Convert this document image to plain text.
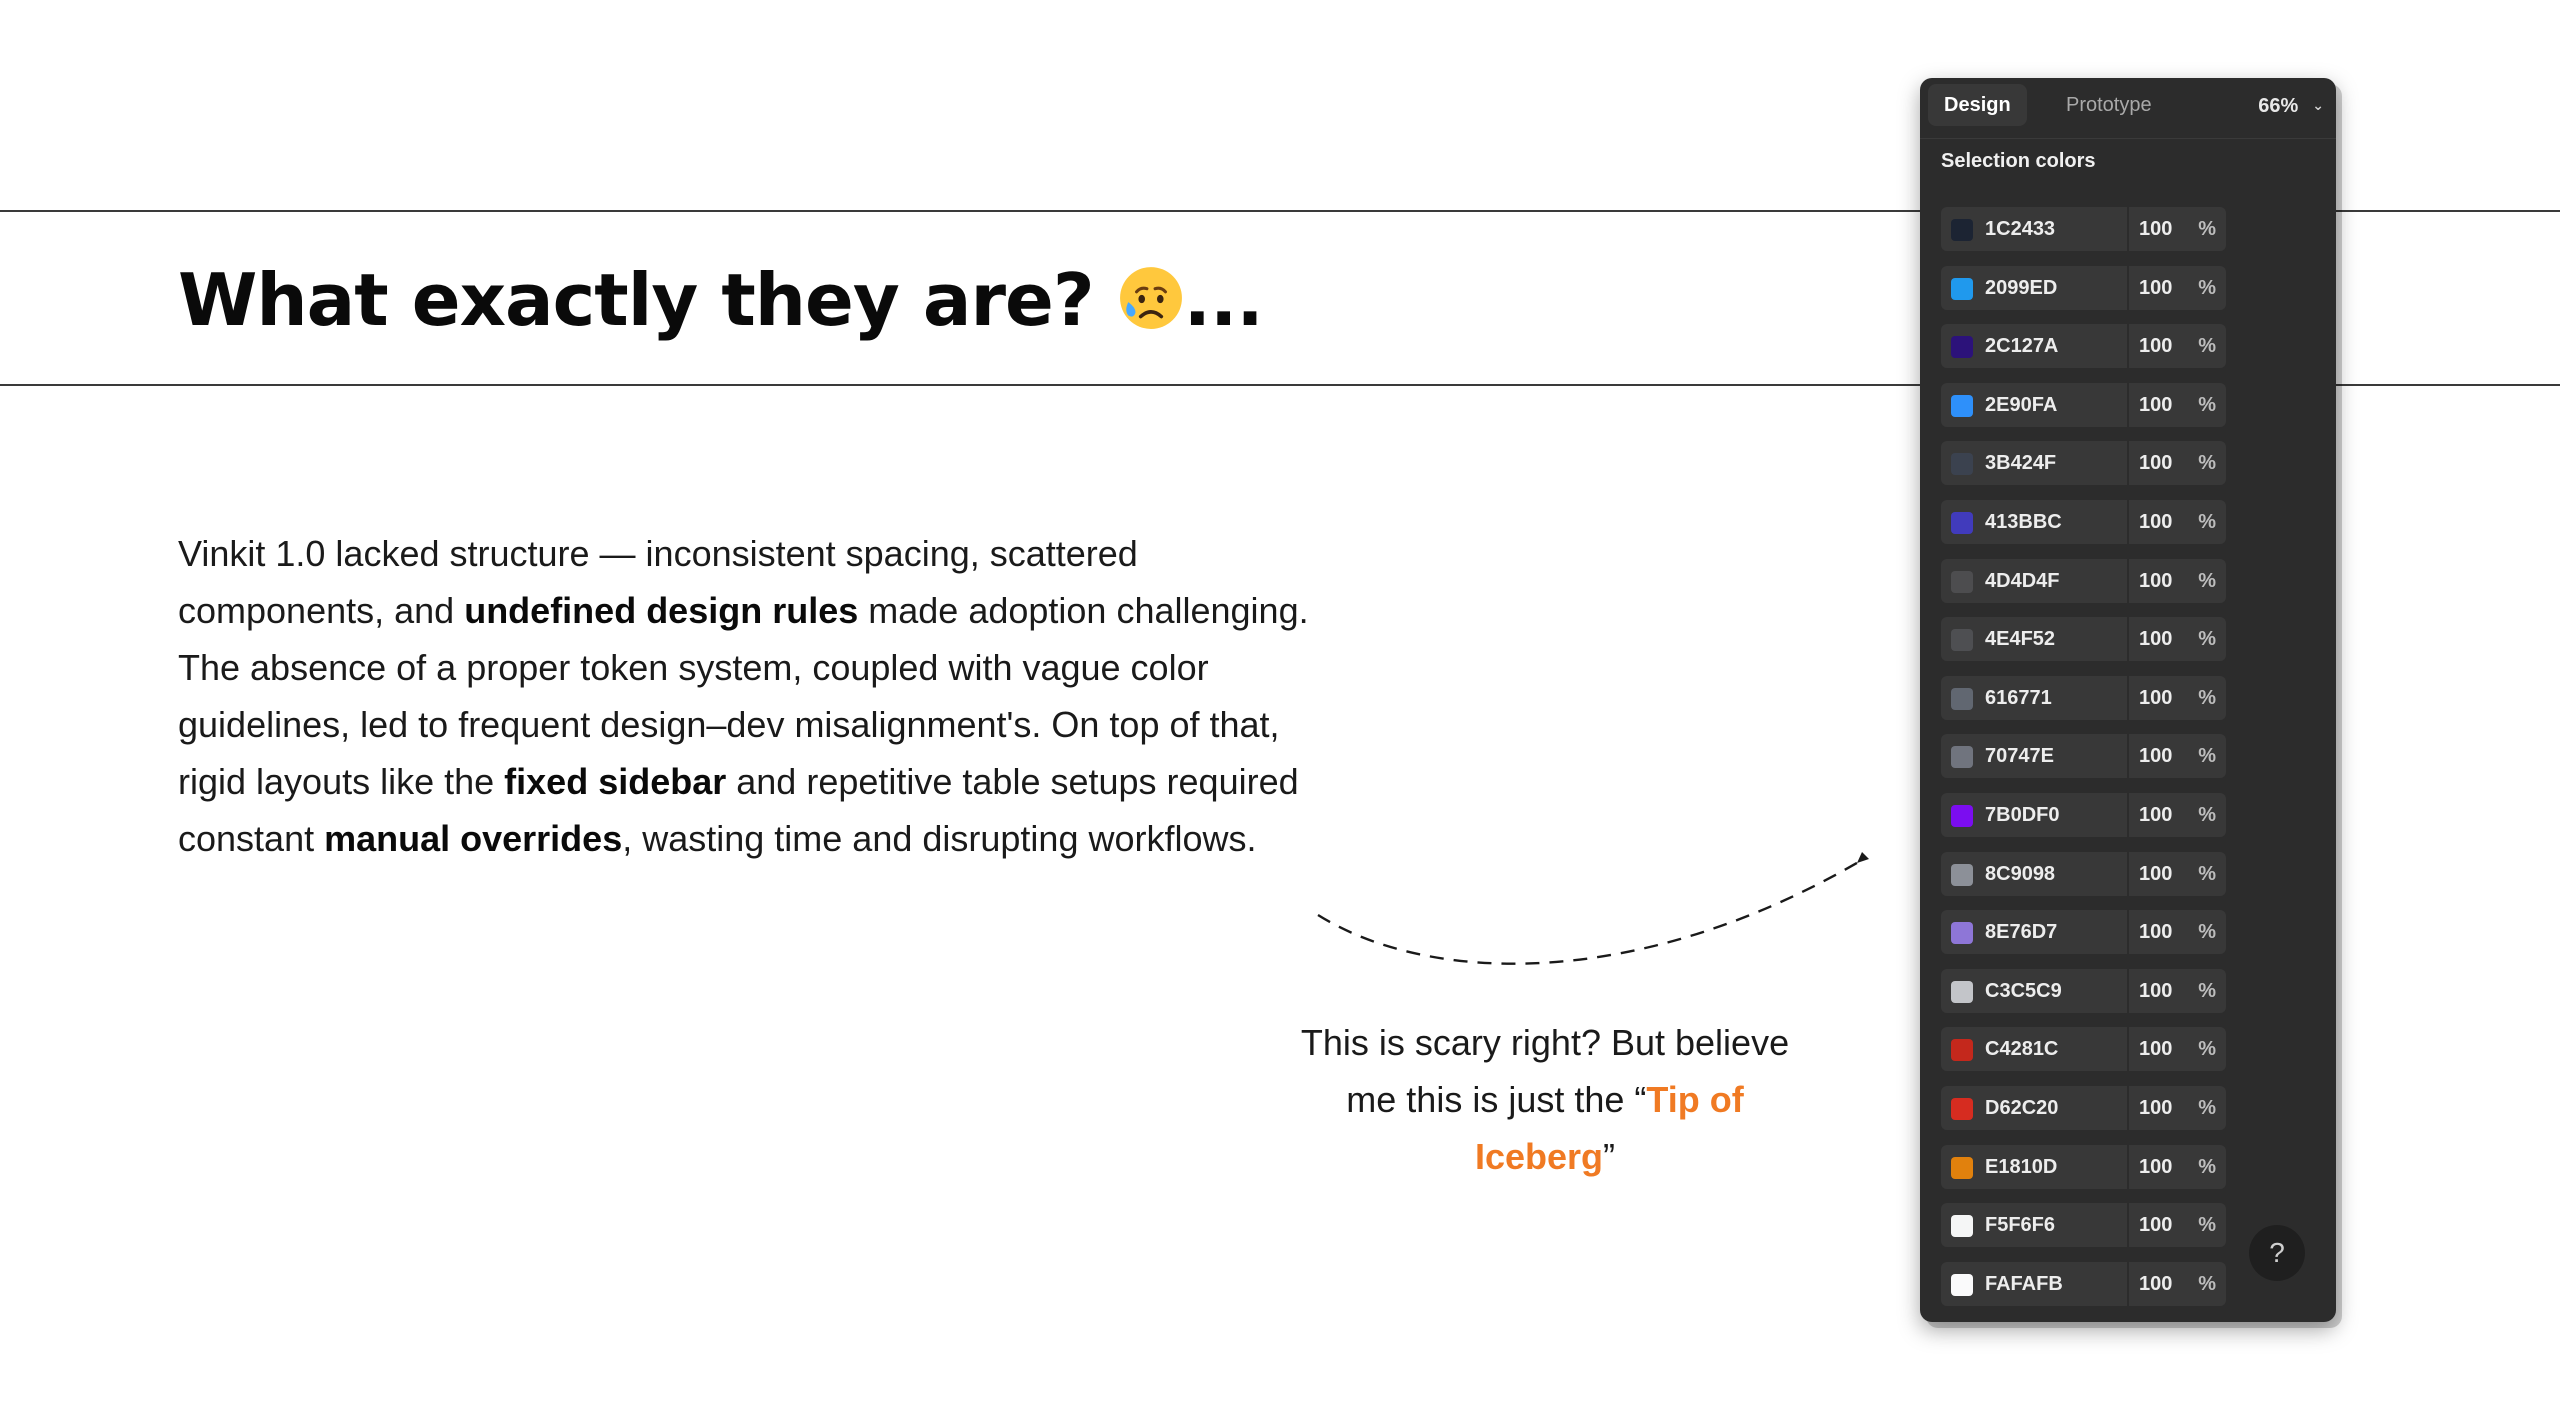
What exactly they are? ...

Vinkit 1.0 lacked structure — inconsistent spacing, scattered components, and undefined design rules made adoption challenging. The absence of a proper token system, coupled with vague color guidelines, led to frequent design–dev misalignment's. On top of that, rigid layouts like the fixed sidebar and repetitive table setups required constant manual overrides, wasting time and disrupting workflows.

This is scary right? But believe me this is just the “Tip of Iceberg”

Design	Prototype	66% ⌄
Selection colors
1C2433	100 %
2099ED	100 %
2C127A	100 %
2E90FA	100 %
3B424F	100 %
413BBC	100 %
4D4D4F	100 %
4E4F52	100 %
616771	100 %
70747E	100 %
7B0DF0	100 %
8C9098	100 %
8E76D7	100 %
C3C5C9	100 %
C4281C	100 %
D62C20	100 %
E1810D	100 %
F5F6F6	100 %
FAFAFB	100 %
?
